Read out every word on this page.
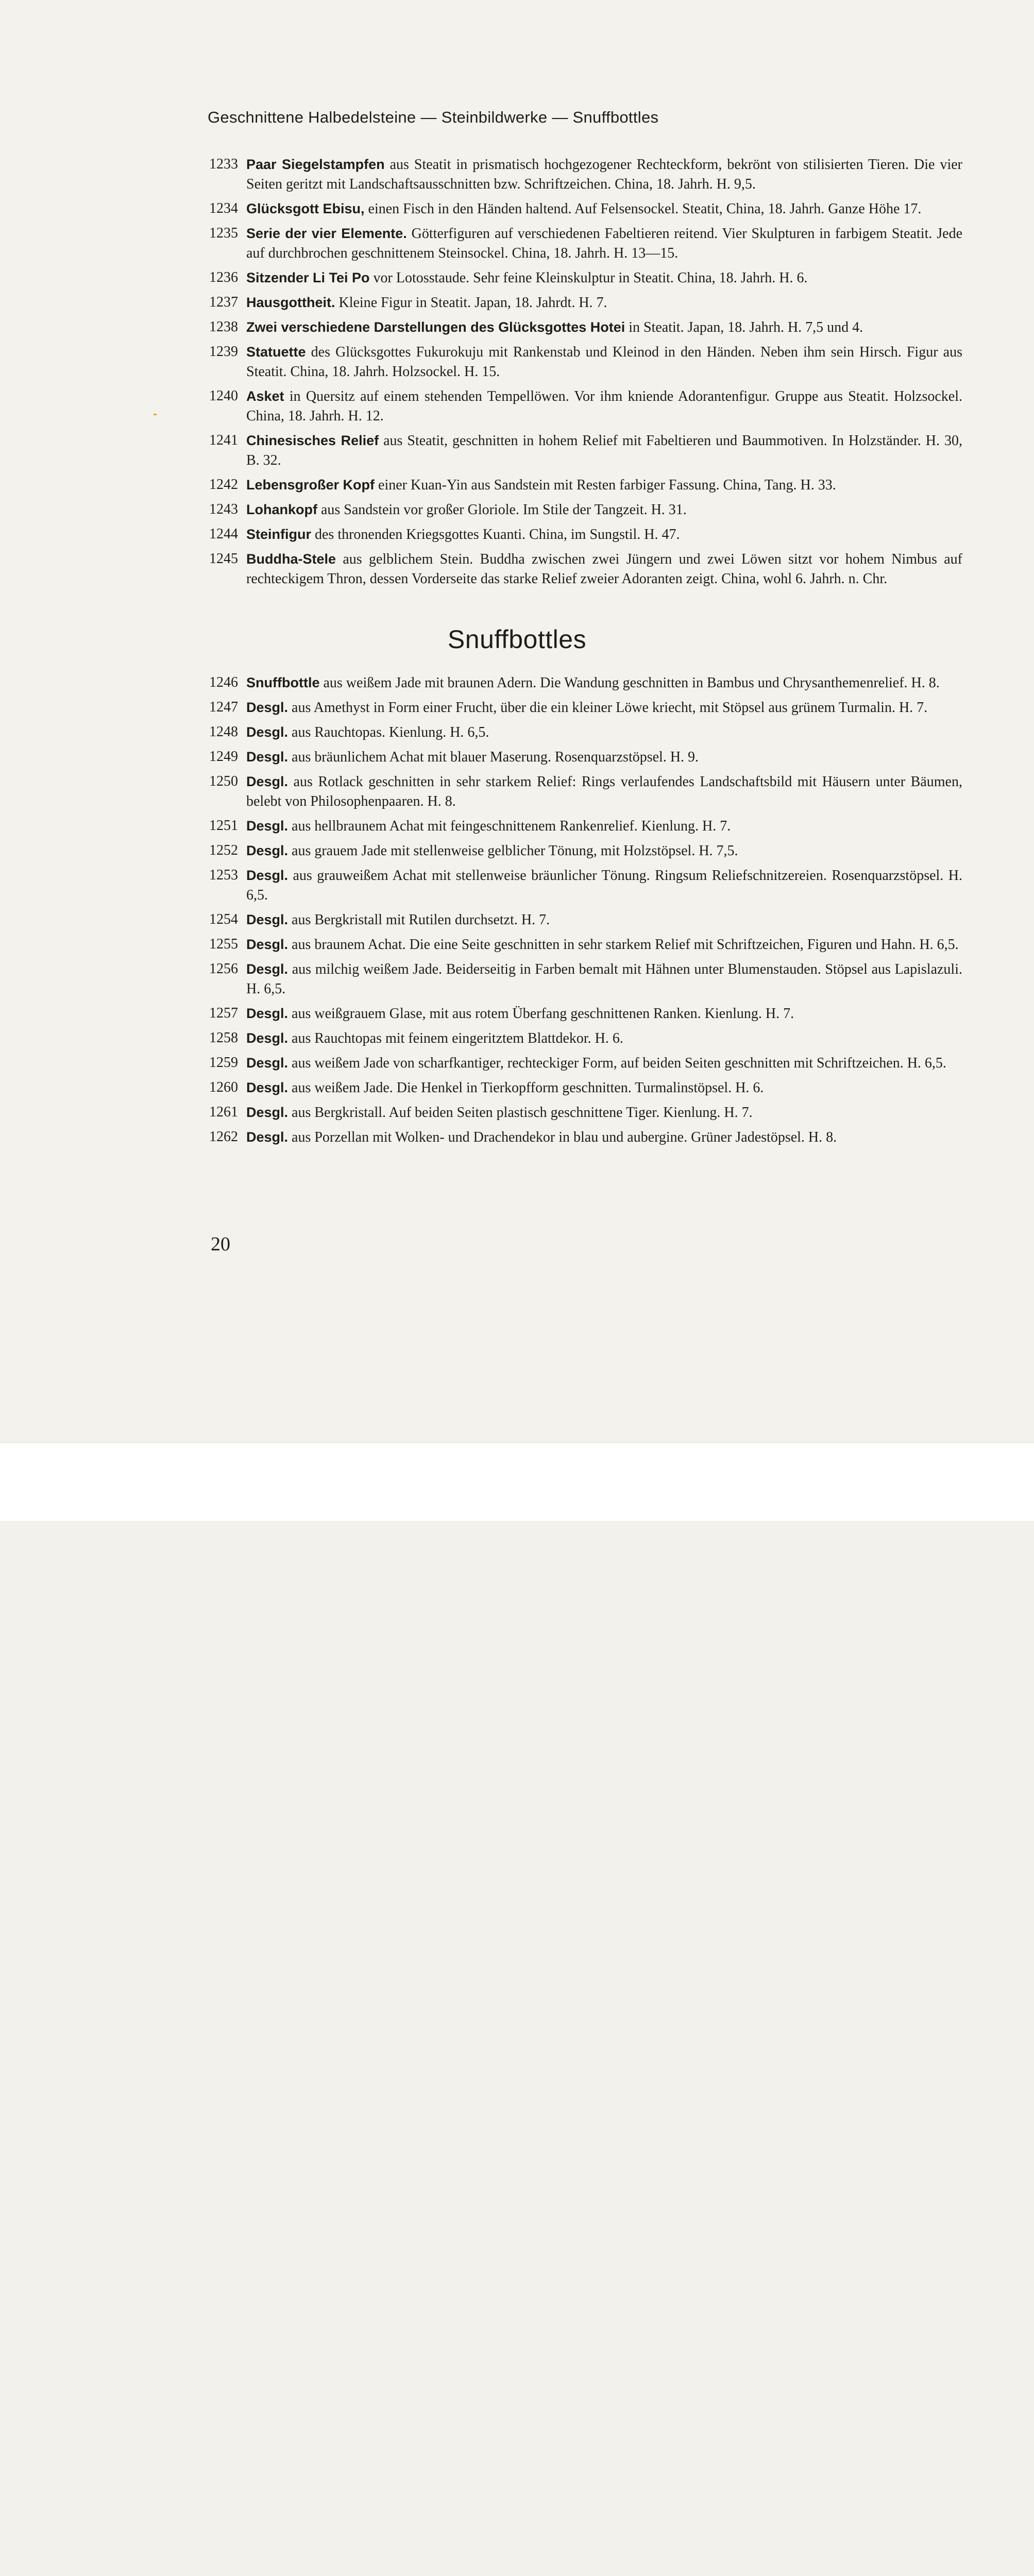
Geschnittene Halbedelsteine — Steinbildwerke — Snuffbottles
1233 Paar Siegelstampfen aus Steatit in prismatisch hochgezogener Rechteckform, bekrönt von stilisierten Tieren. Die vier Seiten geritzt mit Landschaftsausschnitten bzw. Schriftzeichen. China, 18. Jahrh. H. 9,5.
1234 Glücksgott Ebisu, einen Fisch in den Händen haltend. Auf Felsensockel. Steatit, China, 18. Jahrh. Ganze Höhe 17.
1235 Serie der vier Elemente. Götterfiguren auf verschiedenen Fabeltieren reitend. Vier Skulpturen in farbigem Steatit. Jede auf durchbrochen geschnittenem Steinsockel. China, 18. Jahrh. H. 13—15.
1236 Sitzender Li Tei Po vor Lotosstaude. Sehr feine Kleinskulptur in Steatit. China, 18. Jahrh. H. 6.
1237 Hausgottheit. Kleine Figur in Steatit. Japan, 18. Jahrdt. H. 7.
1238 Zwei verschiedene Darstellungen des Glücksgottes Hotei in Steatit. Japan, 18. Jahrh. H. 7,5 und 4.
1239 Statuette des Glücksgottes Fukurokuju mit Rankenstab und Kleinod in den Händen. Neben ihm sein Hirsch. Figur aus Steatit. China, 18. Jahrh. Holzsockel. H. 15.
1240 Asket in Quersitz auf einem stehenden Tempellöwen. Vor ihm kniende Adorantenfigur. Gruppe aus Steatit. Holzsockel. China, 18. Jahrh. H. 12.
1241 Chinesisches Relief aus Steatit, geschnitten in hohem Relief mit Fabeltieren und Baummotiven. In Holzständer. H. 30, B. 32.
1242 Lebensgroßer Kopf einer Kuan-Yin aus Sandstein mit Resten farbiger Fassung. China, Tang. H. 33.
1243 Lohankopf aus Sandstein vor großer Gloriole. Im Stile der Tangzeit. H. 31.
1244 Steinfigur des thronenden Kriegsgottes Kuanti. China, im Sungstil. H. 47.
1245 Buddha-Stele aus gelblichem Stein. Buddha zwischen zwei Jüngern und zwei Löwen sitzt vor hohem Nimbus auf rechteckigem Thron, dessen Vorderseite das starke Relief zweier Adoranten zeigt. China, wohl 6. Jahrh. n. Chr.
Snuffbottles
1246 Snuffbottle aus weißem Jade mit braunen Adern. Die Wandung geschnitten in Bambus und Chrysanthemenrelief. H. 8.
1247 Desgl. aus Amethyst in Form einer Frucht, über die ein kleiner Löwe kriecht, mit Stöpsel aus grünem Turmalin. H. 7.
1248 Desgl. aus Rauchtopas. Kienlung. H. 6,5.
1249 Desgl. aus bräunlichem Achat mit blauer Maserung. Rosenquarzstöpsel. H. 9.
1250 Desgl. aus Rotlack geschnitten in sehr starkem Relief: Rings verlaufendes Landschaftsbild mit Häusern unter Bäumen, belebt von Philosophenpaaren. H. 8.
1251 Desgl. aus hellbraunem Achat mit feingeschnittenem Rankenrelief. Kienlung. H. 7.
1252 Desgl. aus grauem Jade mit stellenweise gelblicher Tönung, mit Holzstöpsel. H. 7,5.
1253 Desgl. aus grauweißem Achat mit stellenweise bräunlicher Tönung. Ringsum Reliefschnitzereien. Rosenquarzstöpsel. H. 6,5.
1254 Desgl. aus Bergkristall mit Rutilen durchsetzt. H. 7.
1255 Desgl. aus braunem Achat. Die eine Seite geschnitten in sehr starkem Relief mit Schriftzeichen, Figuren und Hahn. H. 6,5.
1256 Desgl. aus milchig weißem Jade. Beiderseitig in Farben bemalt mit Hähnen unter Blumenstauden. Stöpsel aus Lapislazuli. H. 6,5.
1257 Desgl. aus weißgrauem Glase, mit aus rotem Überfang geschnittenen Ranken. Kienlung. H. 7.
1258 Desgl. aus Rauchtopas mit feinem eingeritztem Blattdekor. H. 6.
1259 Desgl. aus weißem Jade von scharfkantiger, rechteckiger Form, auf beiden Seiten geschnitten mit Schriftzeichen. H. 6,5.
1260 Desgl. aus weißem Jade. Die Henkel in Tierkopfform geschnitten. Turmalinstöpsel. H. 6.
1261 Desgl. aus Bergkristall. Auf beiden Seiten plastisch geschnittene Tiger. Kienlung. H. 7.
1262 Desgl. aus Porzellan mit Wolken- und Drachendekor in blau und aubergine. Grüner Jadestöpsel. H. 8.
20
